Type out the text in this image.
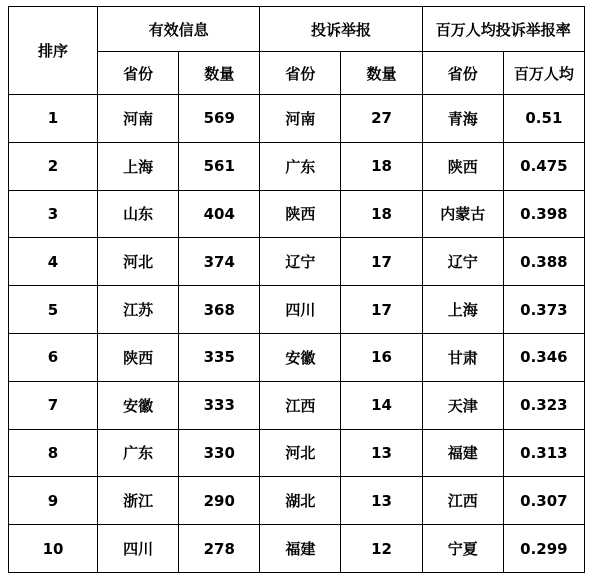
排序	有效信息		投诉举报		百万人均投诉举报率	
	省份	数量	省份	数量	省份	百万人均
1	河南	569	河南	27	青海	0.51
2	上海	561	广东	18	陕西	0.475
3	山东	404	陕西	18	内蒙古	0.398
4	河北	374	辽宁	17	辽宁	0.388
5	江苏	368	四川	17	上海	0.373
6	陕西	335	安徽	16	甘肃	0.346
7	安徽	333	江西	14	天津	0.323
8	广东	330	河北	13	福建	0.313
9	浙江	290	湖北	13	江西	0.307
10	四川	278	福建	12	宁夏	0.299
